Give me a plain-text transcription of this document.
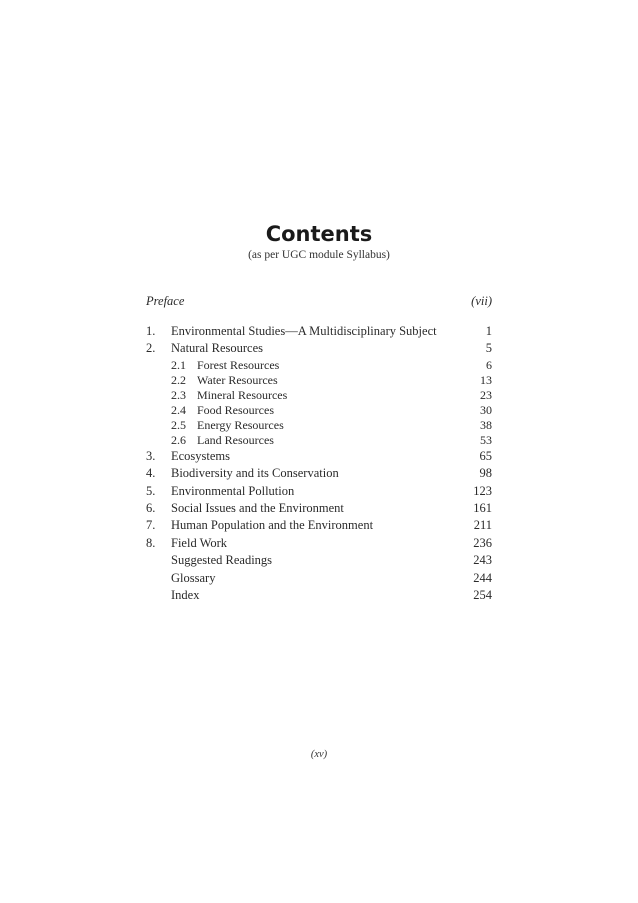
Contents
(as per UGC module Syllabus)
Preface	(vii)
1. Environmental Studies—A Multidisciplinary Subject	1
2. Natural Resources	5
2.1 Forest Resources	6
2.2 Water Resources	13
2.3 Mineral Resources	23
2.4 Food Resources	30
2.5 Energy Resources	38
2.6 Land Resources	53
3. Ecosystems	65
4. Biodiversity and its Conservation	98
5. Environmental Pollution	123
6. Social Issues and the Environment	161
7. Human Population and the Environment	211
8. Field Work	236
Suggested Readings	243
Glossary	244
Index	254
(xv)
